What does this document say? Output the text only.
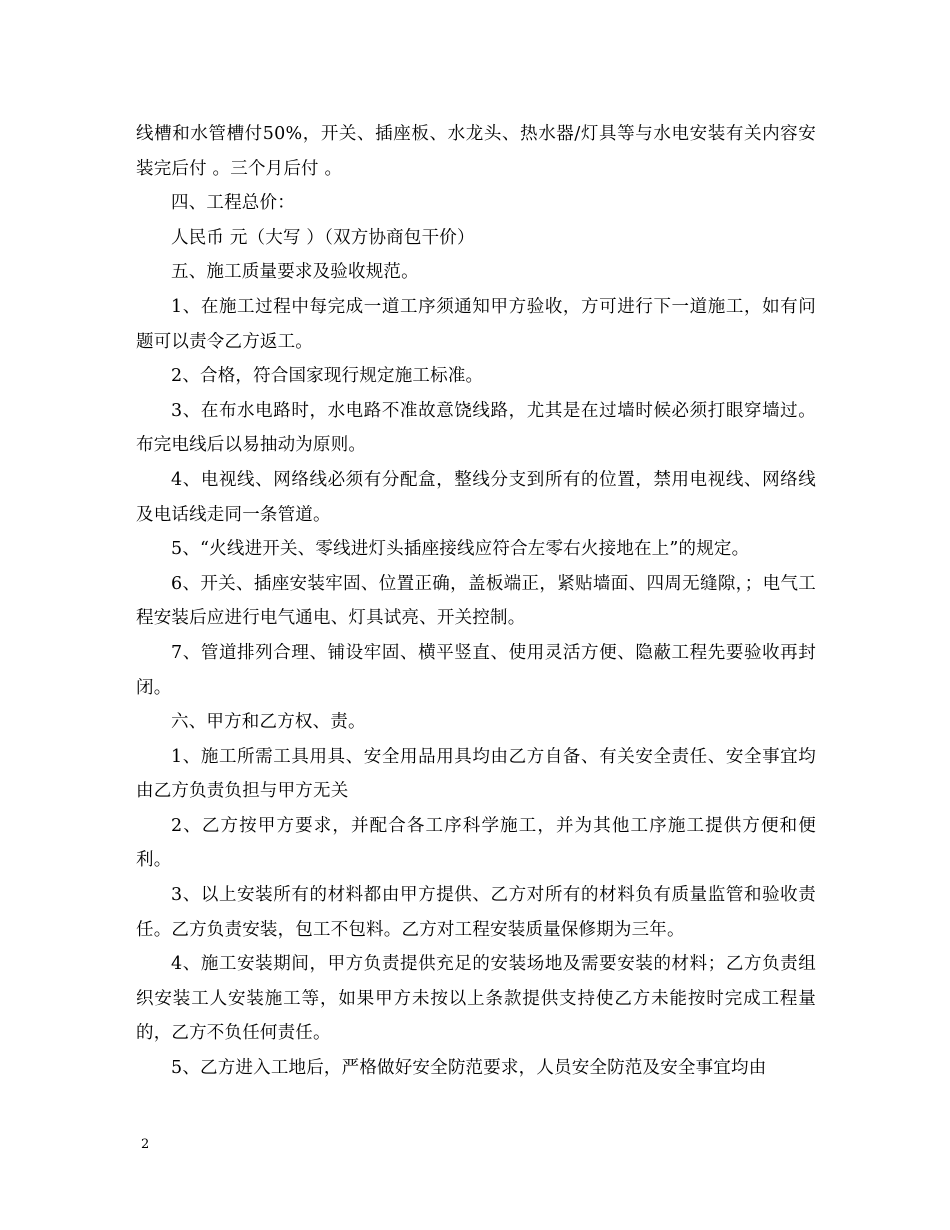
线槽和水管槽付50%，开关、插座板、水龙头、热水器/灯具等与水电安装有关内容安装完后付 。三个月后付 。

四、工程总价：

人民币 元（大写 ）（双方协商包干价）

五、施工质量要求及验收规范。

1、在施工过程中每完成一道工序须通知甲方验收，方可进行下一道施工，如有问题可以责令乙方返工。

2、合格，符合国家现行规定施工标准。

3、在布水电路时，水电路不准故意饶线路，尤其是在过墙时候必须打眼穿墙过。布完电线后以易抽动为原则。

4、电视线、网络线必须有分配盒，整线分支到所有的位置，禁用电视线、网络线及电话线走同一条管道。

5、“火线进开关、零线进灯头插座接线应符合左零右火接地在上”的规定。

6、开关、插座安装牢固、位置正确，盖板端正，紧贴墙面、四周无缝隙，；电气工程安装后应进行电气通电、灯具试亮、开关控制。

7、管道排列合理、铺设牢固、横平竖直、使用灵活方便、隐蔽工程先要验收再封闭。

六、甲方和乙方权、责。

1、施工所需工具用具、安全用品用具均由乙方自备、有关安全责任、安全事宜均由乙方负责负担与甲方无关

2、乙方按甲方要求，并配合各工序科学施工，并为其他工序施工提供方便和便利。

3、以上安装所有的材料都由甲方提供、乙方对所有的材料负有质量监管和验收责任。乙方负责安装，包工不包料。乙方对工程安装质量保修期为三年。

4、施工安装期间，甲方负责提供充足的安装场地及需要安装的材料；乙方负责组织安装工人安装施工等，如果甲方未按以上条款提供支持使乙方未能按时完成工程量的，乙方不负任何责任。

5、乙方进入工地后，严格做好安全防范要求，人员安全防范及安全事宜均由

2
